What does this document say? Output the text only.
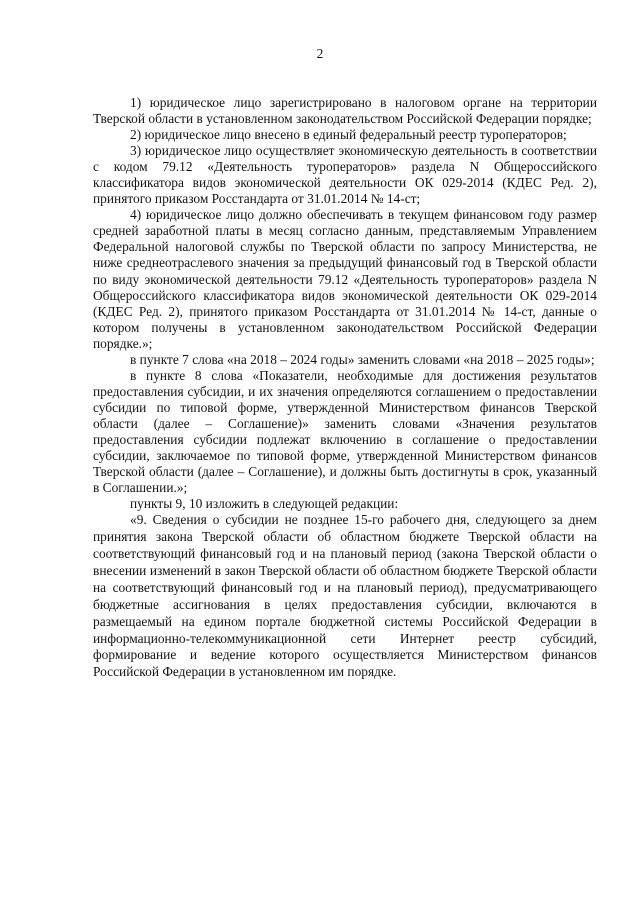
2

1) юридическое лицо зарегистрировано в налоговом органе на территории Тверской области в установленном законодательством Российской Федерации порядке;

2) юридическое лицо внесено в единый федеральный реестр туроператоров;

3) юридическое лицо осуществляет экономическую деятельность в соответствии с кодом 79.12 «Деятельность туроператоров» раздела N Общероссийского классификатора видов экономической деятельности ОК 029-2014 (КДЕС Ред. 2), принятого приказом Росстандарта от 31.01.2014 № 14-ст;

4) юридическое лицо должно обеспечивать в текущем финансовом году размер средней заработной платы в месяц согласно данным, представляемым Управлением Федеральной налоговой службы по Тверской области по запросу Министерства, не ниже среднеотраслевого значения за предыдущий финансовый год в Тверской области по виду экономической деятельности 79.12 «Деятельность туроператоров» раздела N Общероссийского классификатора видов экономической деятельности ОК 029-2014 (КДЕС Ред. 2), принятого приказом Росстандарта от 31.01.2014 № 14-ст, данные о котором получены в установленном законодательством Российской Федерации порядке.»;

в пункте 7 слова «на 2018 – 2024 годы» заменить словами «на 2018 – 2025 годы»;

в пункте 8 слова «Показатели, необходимые для достижения результатов предоставления субсидии, и их значения определяются соглашением о предоставлении субсидии по типовой форме, утвержденной Министерством финансов Тверской области (далее – Соглашение)» заменить словами «Значения результатов предоставления субсидии подлежат включению в соглашение о предоставлении субсидии, заключаемое по типовой форме, утвержденной Министерством финансов Тверской области (далее – Соглашение), и должны быть достигнуты в срок, указанный в Соглашении.»;

пункты 9, 10 изложить в следующей редакции:

«9. Сведения о субсидии не позднее 15-го рабочего дня, следующего за днем принятия закона Тверской области об областном бюджете Тверской области на соответствующий финансовый год и на плановый период (закона Тверской области о внесении изменений в закон Тверской области об областном бюджете Тверской области на соответствующий финансовый год и на плановый период), предусматривающего бюджетные ассигнования в целях предоставления субсидии, включаются в размещаемый на едином портале бюджетной системы Российской Федерации в информационно-телекоммуникационной сети Интернет реестр субсидий, формирование и ведение которого осуществляется Министерством финансов Российской Федерации в установленном им порядке.
